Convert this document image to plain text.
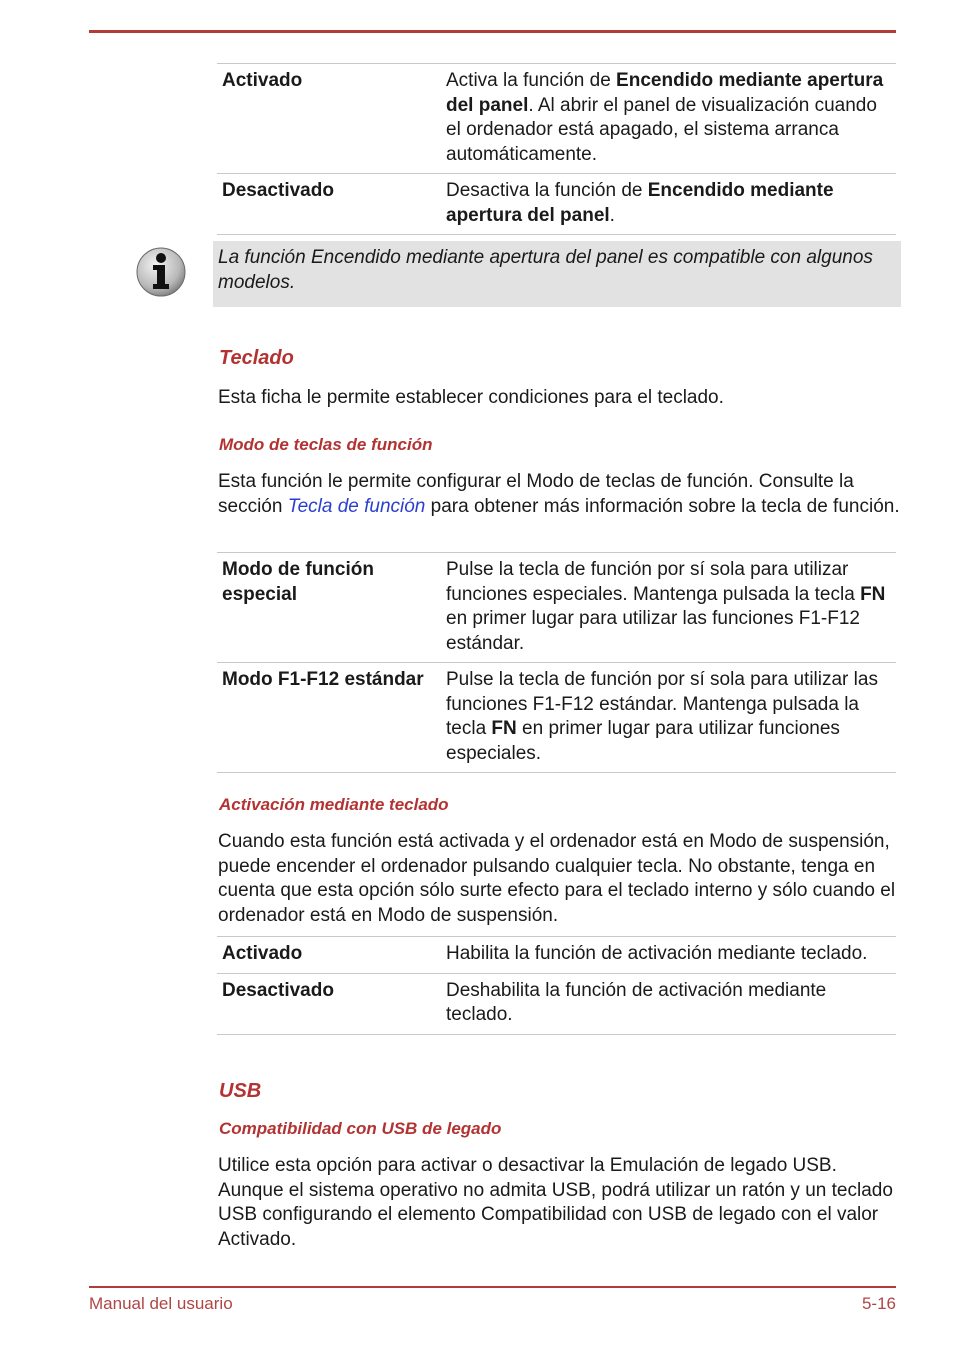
Activado	Activa la función de Encendido mediante apertura del panel. Al abrir el panel de visualización cuando el ordenador está apagado, el sistema arranca automáticamente.
Desactivado	Desactiva la función de Encendido mediante apertura del panel.
La función Encendido mediante apertura del panel es compatible con algunos modelos.
Teclado
Esta ficha le permite establecer condiciones para el teclado.
Modo de teclas de función
Esta función le permite configurar el Modo de teclas de función. Consulte la sección Tecla de función para obtener más información sobre la tecla de función.
Modo de función especial	Pulse la tecla de función por sí sola para utilizar funciones especiales. Mantenga pulsada la tecla FN en primer lugar para utilizar las funciones F1-F12 estándar.
Modo F1-F12 estándar	Pulse la tecla de función por sí sola para utilizar las funciones F1-F12 estándar. Mantenga pulsada la tecla FN en primer lugar para utilizar funciones especiales.
Activación mediante teclado
Cuando esta función está activada y el ordenador está en Modo de suspensión, puede encender el ordenador pulsando cualquier tecla. No obstante, tenga en cuenta que esta opción sólo surte efecto para el teclado interno y sólo cuando el ordenador está en Modo de suspensión.
Activado	Habilita la función de activación mediante teclado.
Desactivado	Deshabilita la función de activación mediante teclado.
USB
Compatibilidad con USB de legado
Utilice esta opción para activar o desactivar la Emulación de legado USB. Aunque el sistema operativo no admita USB, podrá utilizar un ratón y un teclado USB configurando el elemento Compatibilidad con USB de legado con el valor Activado.
Manual del usuario	5-16
